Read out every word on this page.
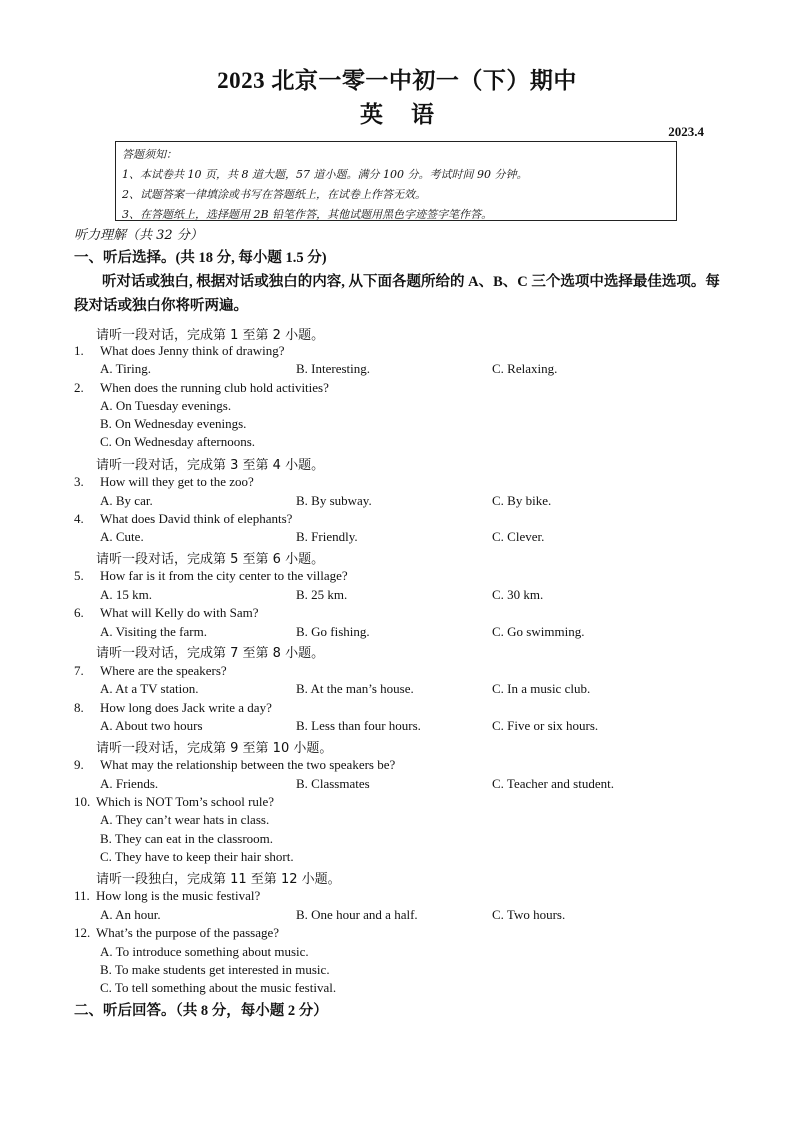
2023 北京一零一中初一（下）期中
英语
2023.4
答题须知：
1、本试卷共 10 页，共 8 道大题，57 道小题。满分 100 分。考试时间 90 分钟。
2、试题答案一律填涂或书写在答题纸上，在试卷上作答无效。
3、在答题纸上，选择题用 2B 铅笔作答，其他试题用黑色字迹签字笔作答。
听力理解（共 32 分）
一、听后选择。(共 18 分, 每小题 1.5 分)
听对话或独白, 根据对话或独白的内容, 从下面各题所给的 A、B、C 三个选项中选择最佳选项。每段对话或独白你将听两遍。
请听一段对话，完成第 1 至第 2 小题。
1. What does Jenny think of drawing?
A. Tiring.	B. Interesting.	C. Relaxing.
2. When does the running club hold activities?
A. On Tuesday evenings.
B. On Wednesday evenings.
C. On Wednesday afternoons.
请听一段对话，完成第 3 至第 4 小题。
3. How will they get to the zoo?
A. By car.	B. By subway.	C. By bike.
4. What does David think of elephants?
A. Cute.	B. Friendly.	C. Clever.
请听一段对话，完成第 5 至第 6 小题。
5. How far is it from the city center to the village?
A. 15 km.	B. 25 km.	C. 30 km.
6. What will Kelly do with Sam?
A. Visiting the farm.	B. Go fishing.	C. Go swimming.
请听一段对话，完成第 7 至第 8 小题。
7. Where are the speakers?
A. At a TV station.	B. At the man’s house.	C. In a music club.
8. How long does Jack write a day?
A. About two hours	B. Less than four hours.	C. Five or six hours.
请听一段对话，完成第 9 至第 10 小题。
9. What may the relationship between the two speakers be?
A. Friends.	B. Classmates	C. Teacher and student.
10. Which is NOT Tom’s school rule?
A. They can’t wear hats in class.
B. They can eat in the classroom.
C. They have to keep their hair short.
请听一段独白，完成第 11 至第 12 小题。
11. How long is the music festival?
A. An hour.	B. One hour and a half.	C. Two hours.
12. What’s the purpose of the passage?
A. To introduce something about music.
B. To make students get interested in music.
C. To tell something about the music festival.
二、听后回答。（共 8 分，每小题 2 分）
